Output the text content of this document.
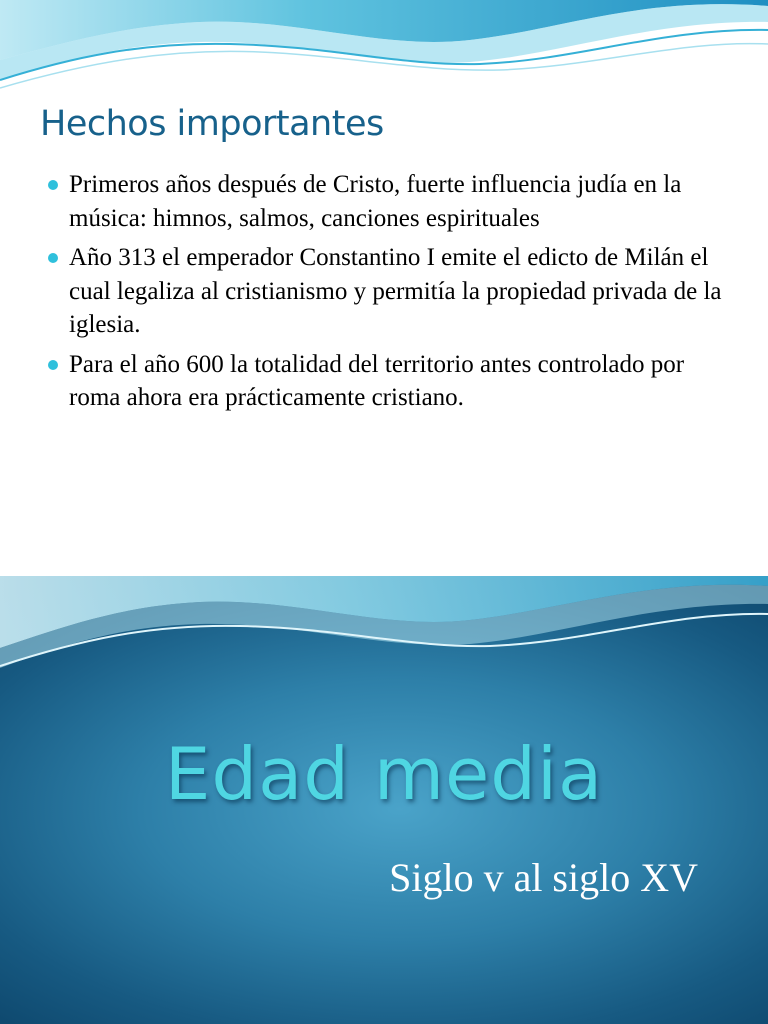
Hechos importantes
Primeros años después de Cristo, fuerte influencia judía en la música: himnos, salmos, canciones espirituales
Año 313 el emperador Constantino I emite el edicto de Milán el cual legaliza al cristianismo y permitía la propiedad privada de la iglesia.
Para el año 600 la totalidad del territorio antes controlado por roma ahora era prácticamente cristiano.
Edad media

Siglo v al siglo XV
